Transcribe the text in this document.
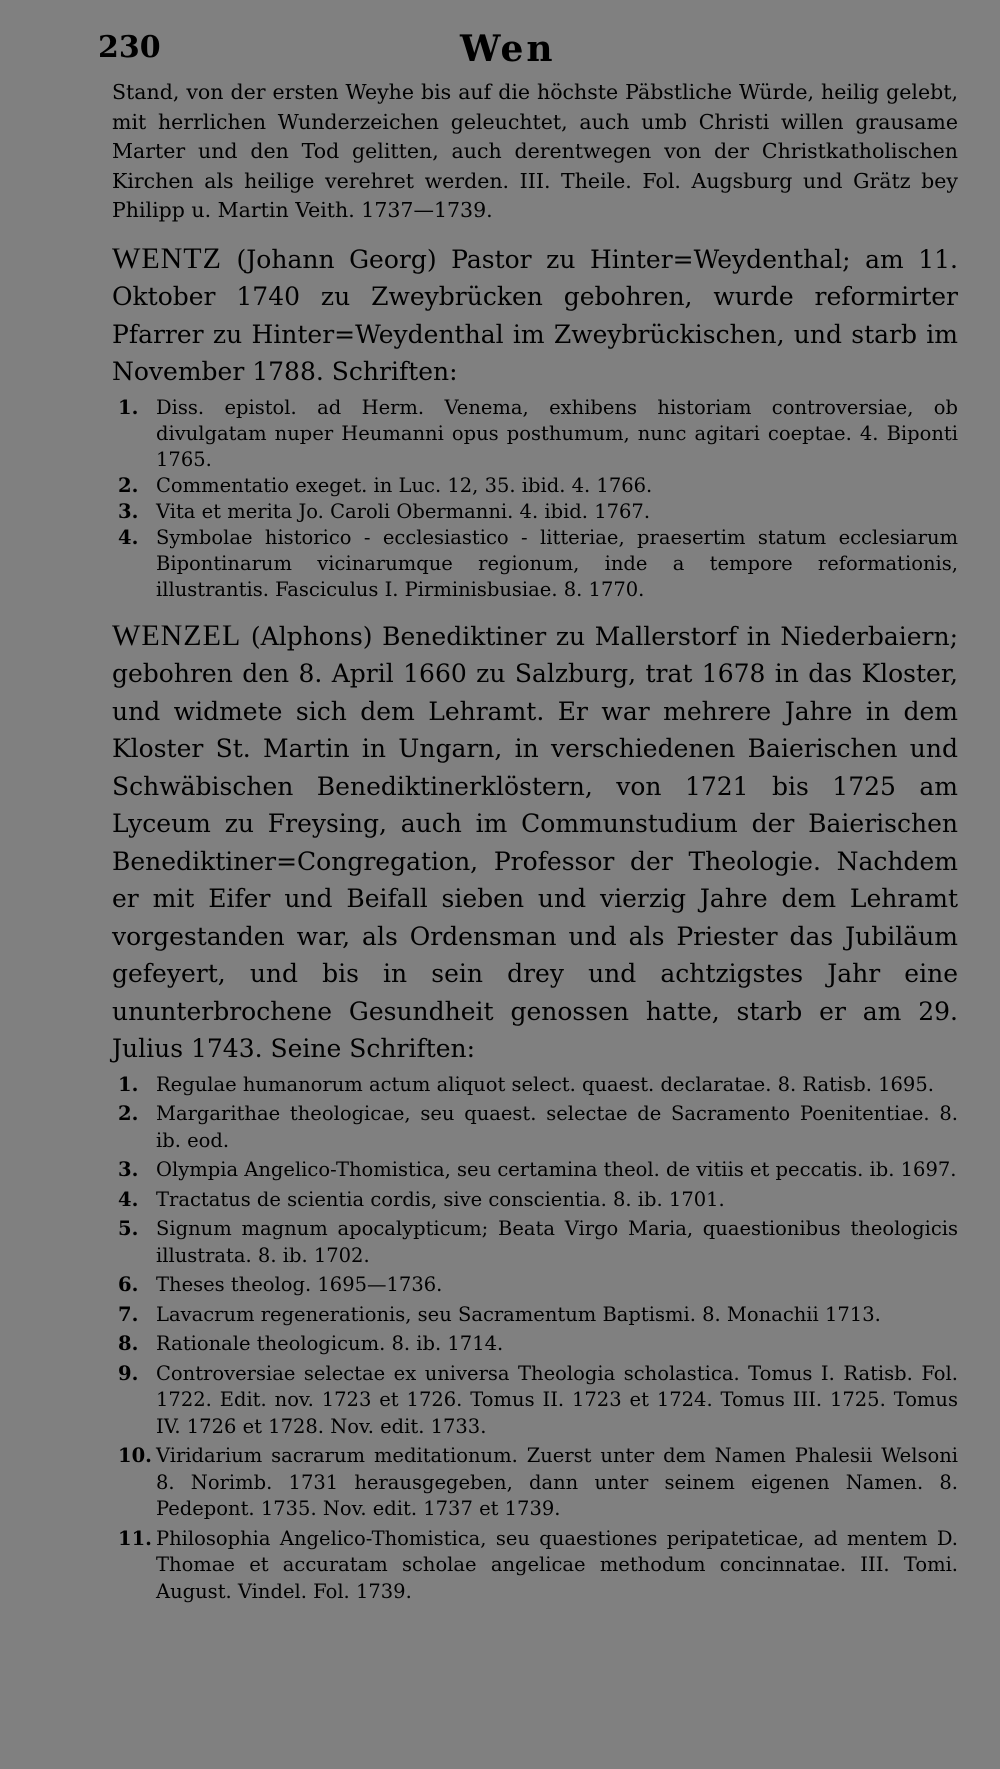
230	Wen

Stand, von der ersten Weyhe bis auf die höchste Päbstliche Würde, heilig gelebt, mit herrlichen Wunderzeichen geleuchtet, auch umb Christi willen grausame Marter und den Tod gelitten, auch derentwegen von der Christkatholischen Kirchen als heilige verehret werden. III. Theile. Fol. Augsburg und Grätz bey Philipp u. Martin Veith. 1737—1739.

WENTZ (Johann Georg) Pastor zu Hinter=Weydenthal; am 11. Oktober 1740 zu Zweybrücken gebohren, wurde reformirter Pfarrer zu Hinter=Weydenthal im Zweybrückischen, und starb im November 1788. Schriften:

1. Diss. epistol. ad Herm. Venema, exhibens historiam controversiae, ob divulgatam nuper Heumanni opus posthumum, nunc agitari coeptae. 4. Biponti 1765.
2. Commentatio exeget. in Luc. 12, 35. ibid. 4. 1766.
3. Vita et merita Jo. Caroli Obermanni. 4. ibid. 1767.
4. Symbolae historico - ecclesiastico - litteriae, praesertim statum ecclesiarum Bipontinarum vicinarumque regionum, inde a tempore reformationis, illustrantis. Fasciculus I. Pirminisbusiae. 8. 1770.

WENZEL (Alphons) Benediktiner zu Mallerstorf in Niederbaiern; gebohren den 8. April 1660 zu Salzburg, trat 1678 in das Kloster, und widmete sich dem Lehramt. Er war mehrere Jahre in dem Kloster St. Martin in Ungarn, in verschiedenen Baierischen und Schwäbischen Benediktinerklöstern, von 1721 bis 1725 am Lyceum zu Freysing, auch im Communstudium der Baierischen Benediktiner=Congregation, Professor der Theologie. Nachdem er mit Eifer und Beifall sieben und vierzig Jahre dem Lehramt vorgestanden war, als Ordensman und als Priester das Jubiläum gefeyert, und bis in sein drey und achtzigstes Jahr eine ununterbrochene Gesundheit genossen hatte, starb er am 29. Julius 1743. Seine Schriften:

1. Regulae humanorum actum aliquot select. quaest. declaratae. 8. Ratisb. 1695.
2. Margarithae theologicae, seu quaest. selectae de Sacramento Poenitentiae. 8. ib. eod.
3. Olympia Angelico-Thomistica, seu certamina theol. de vitiis et peccatis. ib. 1697.
4. Tractatus de scientia cordis, sive conscientia. 8. ib. 1701.
5. Signum magnum apocalypticum; Beata Virgo Maria, quaestionibus theologicis illustrata. 8. ib. 1702.
6. Theses theolog. 1695—1736.
7. Lavacrum regenerationis, seu Sacramentum Baptismi. 8. Monachii 1713.
8. Rationale theologicum. 8. ib. 1714.
9. Controversiae selectae ex universa Theologia scholastica. Tomus I. Ratisb. Fol. 1722. Edit. nov. 1723 et 1726. Tomus II. 1723 et 1724. Tomus III. 1725. Tomus IV. 1726 et 1728. Nov. edit. 1733.
10. Viridarium sacrarum meditationum. Zuerst unter dem Namen Phalesii Welsoni 8. Norimb. 1731 herausgegeben, dann unter seinem eigenen Namen. 8. Pedepont. 1735. Nov. edit. 1737 et 1739.
11. Philosophia Angelico-Thomistica, seu quaestiones peripateticae, ad mentem D. Thomae et accuratam scholae angelicae methodum concinnatae. III. Tomi. August. Vindel. Fol. 1739.
